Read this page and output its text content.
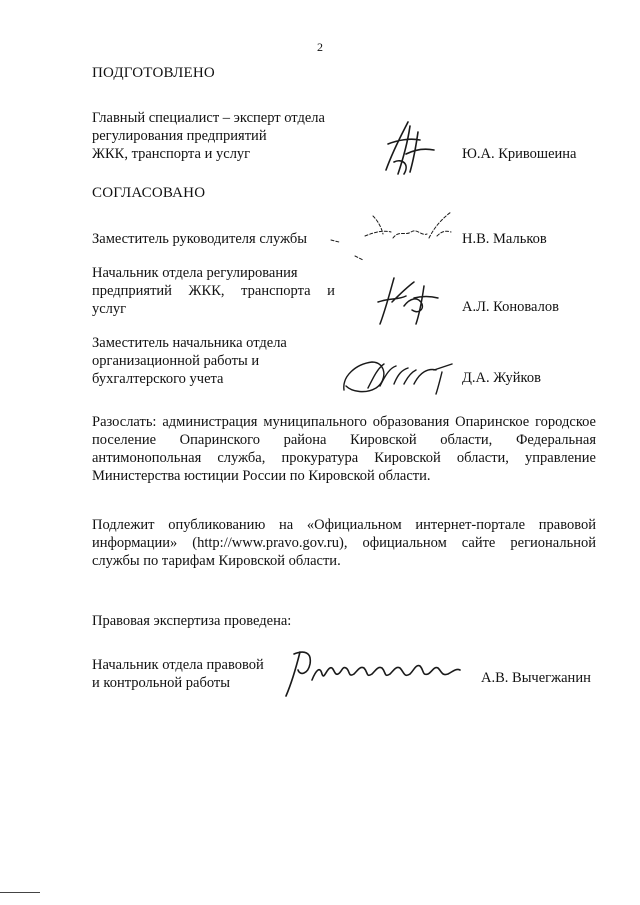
2
ПОДГОТОВЛЕНО
Главный специалист – эксперт отдела
регулирования предприятий
ЖКК, транспорта и услуг	Ю.А. Кривошеина
СОГЛАСОВАНО
Заместитель руководителя службы	Н.В. Мальков
Начальник отдела регулирования
предприятий ЖКК, транспорта и
услуг	А.Л. Коновалов
Заместитель начальника отдела
организационной работы и
бухгалтерского учета	Д.А. Жуйков
Разослать: администрация муниципального образования Опаринское городское поселение Опаринского района Кировской области, Федеральная антимонопольная служба, прокуратура Кировской области, управление Министерства юстиции России по Кировской области.
Подлежит опубликованию на «Официальном интернет-портале правовой информации» (http://www.pravo.gov.ru), официальном сайте региональной службы по тарифам Кировской области.
Правовая экспертиза проведена:
Начальник отдела правовой
и контрольной работы	А.В. Вычегжанин
